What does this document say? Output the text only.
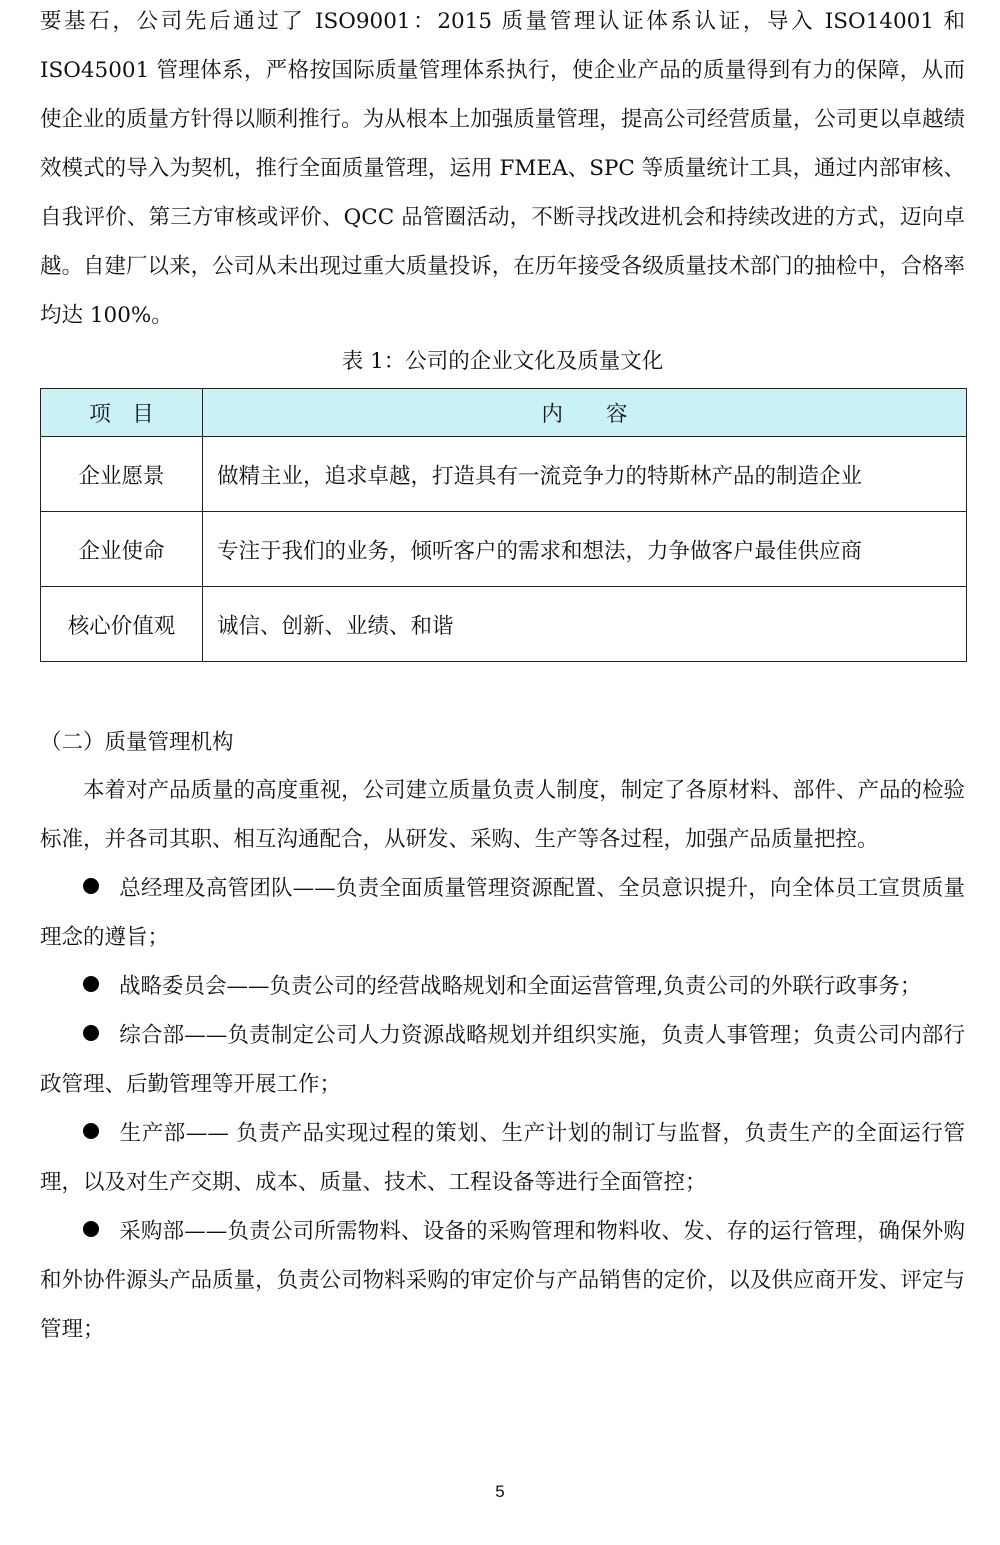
要基石，公司先后通过了 ISO9001：2015 质量管理认证体系认证，导入 ISO14001 和 ISO45001 管理体系，严格按国际质量管理体系执行，使企业产品的质量得到有力的保障，从而使企业的质量方针得以顺利推行。为从根本上加强质量管理，提高公司经营质量，公司更以卓越绩效模式的导入为契机，推行全面质量管理，运用 FMEA、SPC 等质量统计工具，通过内部审核、自我评价、第三方审核或评价、QCC 品管圈活动，不断寻找改进机会和持续改进的方式，迈向卓越。自建厂以来，公司从未出现过重大质量投诉，在历年接受各级质量技术部门的抽检中，合格率均达 100%。

表 1：公司的企业文化及质量文化

项　目	内　　容
企业愿景	做精主业，追求卓越，打造具有一流竞争力的特斯林产品的制造企业
企业使命	专注于我们的业务，倾听客户的需求和想法，力争做客户最佳供应商
核心价值观	诚信、创新、业绩、和谐

（二）质量管理机构

本着对产品质量的高度重视，公司建立质量负责人制度，制定了各原材料、部件、产品的检验标准，并各司其职、相互沟通配合，从研发、采购、生产等各过程，加强产品质量把控。

总经理及高管团队——负责全面质量管理资源配置、全员意识提升，向全体员工宣贯质量理念的遵旨；

战略委员会——负责公司的经营战略规划和全面运营管理,负责公司的外联行政事务；

综合部——负责制定公司人力资源战略规划并组织实施，负责人事管理；负责公司内部行政管理、后勤管理等开展工作；

生产部—— 负责产品实现过程的策划、生产计划的制订与监督，负责生产的全面运行管理，以及对生产交期、成本、质量、技术、工程设备等进行全面管控；

采购部——负责公司所需物料、设备的采购管理和物料收、发、存的运行管理，确保外购和外协件源头产品质量，负责公司物料采购的审定价与产品销售的定价，以及供应商开发、评定与管理；

5
